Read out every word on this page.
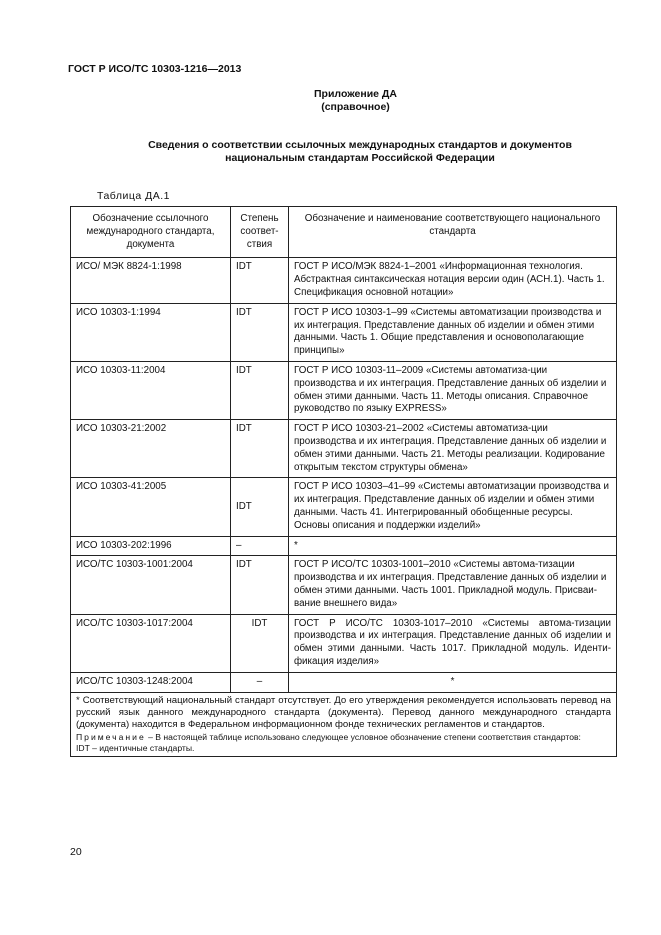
ГОСТ Р ИСО/ТС 10303-1216—2013
Приложение ДА
(справочное)
Сведения о соответствии ссылочных международных стандартов и документов
национальным стандартам Российской Федерации
Таблица ДА.1
Обозначение ссылочного международного стандарта, документа	Степень соответ-ствия	Обозначение и наименование соответствующего национального стандарта
ИСО/ МЭК 8824-1:1998	IDT	ГОСТ Р ИСО/МЭК 8824-1–2001 «Информационная технология. Абстрактная синтаксическая нотация версии один (АСН.1). Часть 1. Спецификация основной нотации»
ИСО 10303-1:1994	IDT	ГОСТ Р ИСО 10303-1–99 «Системы автоматизации производства и их интеграция. Представление данных об изделии и обмен этими данными. Часть 1. Общие представления и основополагающие принципы»
ИСО 10303-11:2004	IDT	ГОСТ Р ИСО 10303-11–2009 «Системы автоматиза-ции производства и их интеграция. Представление данных об изделии и обмен этими данными. Часть 11. Методы описания. Справочное руководство по языку EXPRESS»
ИСО 10303-21:2002	IDT	ГОСТ Р ИСО 10303-21–2002 «Системы автоматиза-ции производства и их интеграция. Представление данных об изделии и обмен этими данными. Часть 21. Методы реализации. Кодирование открытым текстом структуры обмена»
ИСО 10303-41:2005	IDT	ГОСТ Р ИСО 10303–41–99 «Системы автоматизации производства и их интеграция. Представление данных об изделии и обмен этими данными. Часть 41. Интегрированный обобщенные ресурсы. Основы описания и поддержки изделий»
ИСО 10303-202:1996	–	*
ИСО/ТС 10303-1001:2004	IDT	ГОСТ Р ИСО/ТС 10303-1001–2010 «Системы автома-тизации производства и их интеграция. Представление данных об изделии и обмен этими данными. Часть 1001. Прикладной модуль. Присваи-вание внешнего вида»
ИСО/ТС 10303-1017:2004	IDT	ГОСТ Р ИСО/ТС 10303-1017–2010 «Системы автома-тизации производства и их интеграция. Представление данных об изделии и обмен этими данными. Часть 1017. Прикладной модуль. Иденти-фикация изделия»
ИСО/ТС 10303-1248:2004	–	*

* Соответствующий национальный стандарт отсутствует. До его утверждения рекомендуется использовать перевод на русский язык данного международного стандарта (документа). Перевод данного международного стандарта (документа) находится в Федеральном информационном фонде технических регламентов и стандартов.
Примечание – В настоящей таблице использовано следующее условное обозначение степени соответствия стандартов:
IDT – идентичные стандарты.		
20
